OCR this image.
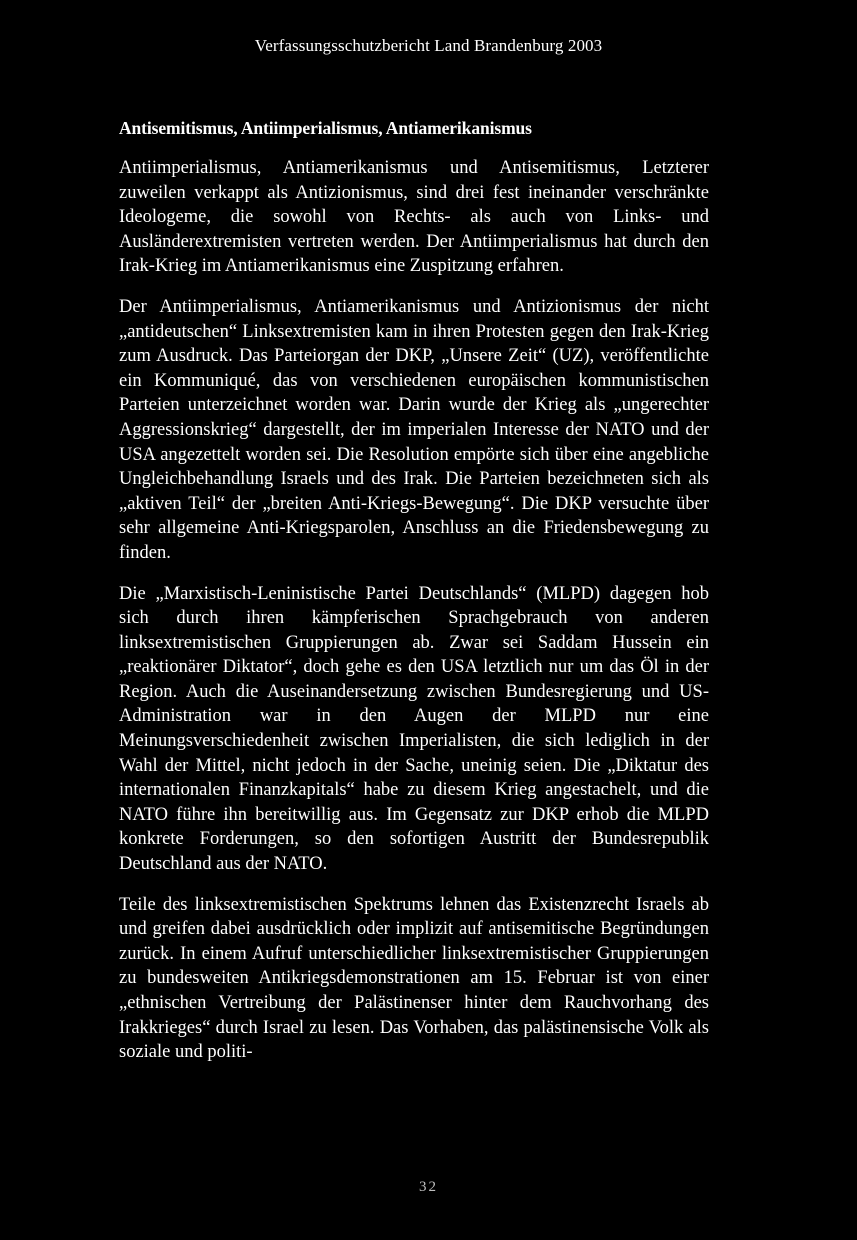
Verfassungsschutzbericht Land Brandenburg 2003
Antisemitismus, Antiimperialismus, Antiamerikanismus

Antiimperialismus, Antiamerikanismus und Antisemitismus, Letzterer zuweilen verkappt als Antizionismus, sind drei fest ineinander verschränkte Ideologeme, die sowohl von Rechts- als auch von Links- und Ausländerextremisten vertreten werden. Der Antiimperialismus hat durch den Irak-Krieg im Antiamerikanismus eine Zuspitzung erfahren.

Der Antiimperialismus, Antiamerikanismus und Antizionismus der nicht „antideutschen“ Linksextremisten kam in ihren Protesten gegen den Irak-Krieg zum Ausdruck. Das Parteiorgan der DKP, „Unsere Zeit“ (UZ), veröffentlichte ein Kommuniqué, das von verschiedenen europäischen kommunistischen Parteien unterzeichnet worden war. Darin wurde der Krieg als „ungerechter Aggressionskrieg“ dargestellt, der im imperialen Interesse der NATO und der USA angezettelt worden sei. Die Resolution empörte sich über eine angebliche Ungleichbehandlung Israels und des Irak. Die Parteien bezeichneten sich als „aktiven Teil“ der „breiten Anti-Kriegs-Bewegung“. Die DKP versuchte über sehr allgemeine Anti-Kriegsparolen, Anschluss an die Friedensbewegung zu finden.

Die „Marxistisch-Leninistische Partei Deutschlands“ (MLPD) dagegen hob sich durch ihren kämpferischen Sprachgebrauch von anderen linksextremistischen Gruppierungen ab. Zwar sei Saddam Hussein ein „reaktionärer Diktator“, doch gehe es den USA letztlich nur um das Öl in der Region. Auch die Auseinandersetzung zwischen Bundesregierung und US-Administration war in den Augen der MLPD nur eine Meinungsverschiedenheit zwischen Imperialisten, die sich lediglich in der Wahl der Mittel, nicht jedoch in der Sache, uneinig seien. Die „Diktatur des internationalen Finanzkapitals“ habe zu diesem Krieg angestachelt, und die NATO führe ihn bereitwillig aus. Im Gegensatz zur DKP erhob die MLPD konkrete Forderungen, so den sofortigen Austritt der Bundesrepublik Deutschland aus der NATO.

Teile des linksextremistischen Spektrums lehnen das Existenzrecht Israels ab und greifen dabei ausdrücklich oder implizit auf antisemitische Begründungen zurück. In einem Aufruf unterschiedlicher linksextremistischer Gruppierungen zu bundesweiten Antikriegsdemonstrationen am 15. Februar ist von einer „ethnischen Vertreibung der Palästinenser hinter dem Rauchvorhang des Irakkrieges“ durch Israel zu lesen. Das Vorhaben, das palästinensische Volk als soziale und politi-

32
